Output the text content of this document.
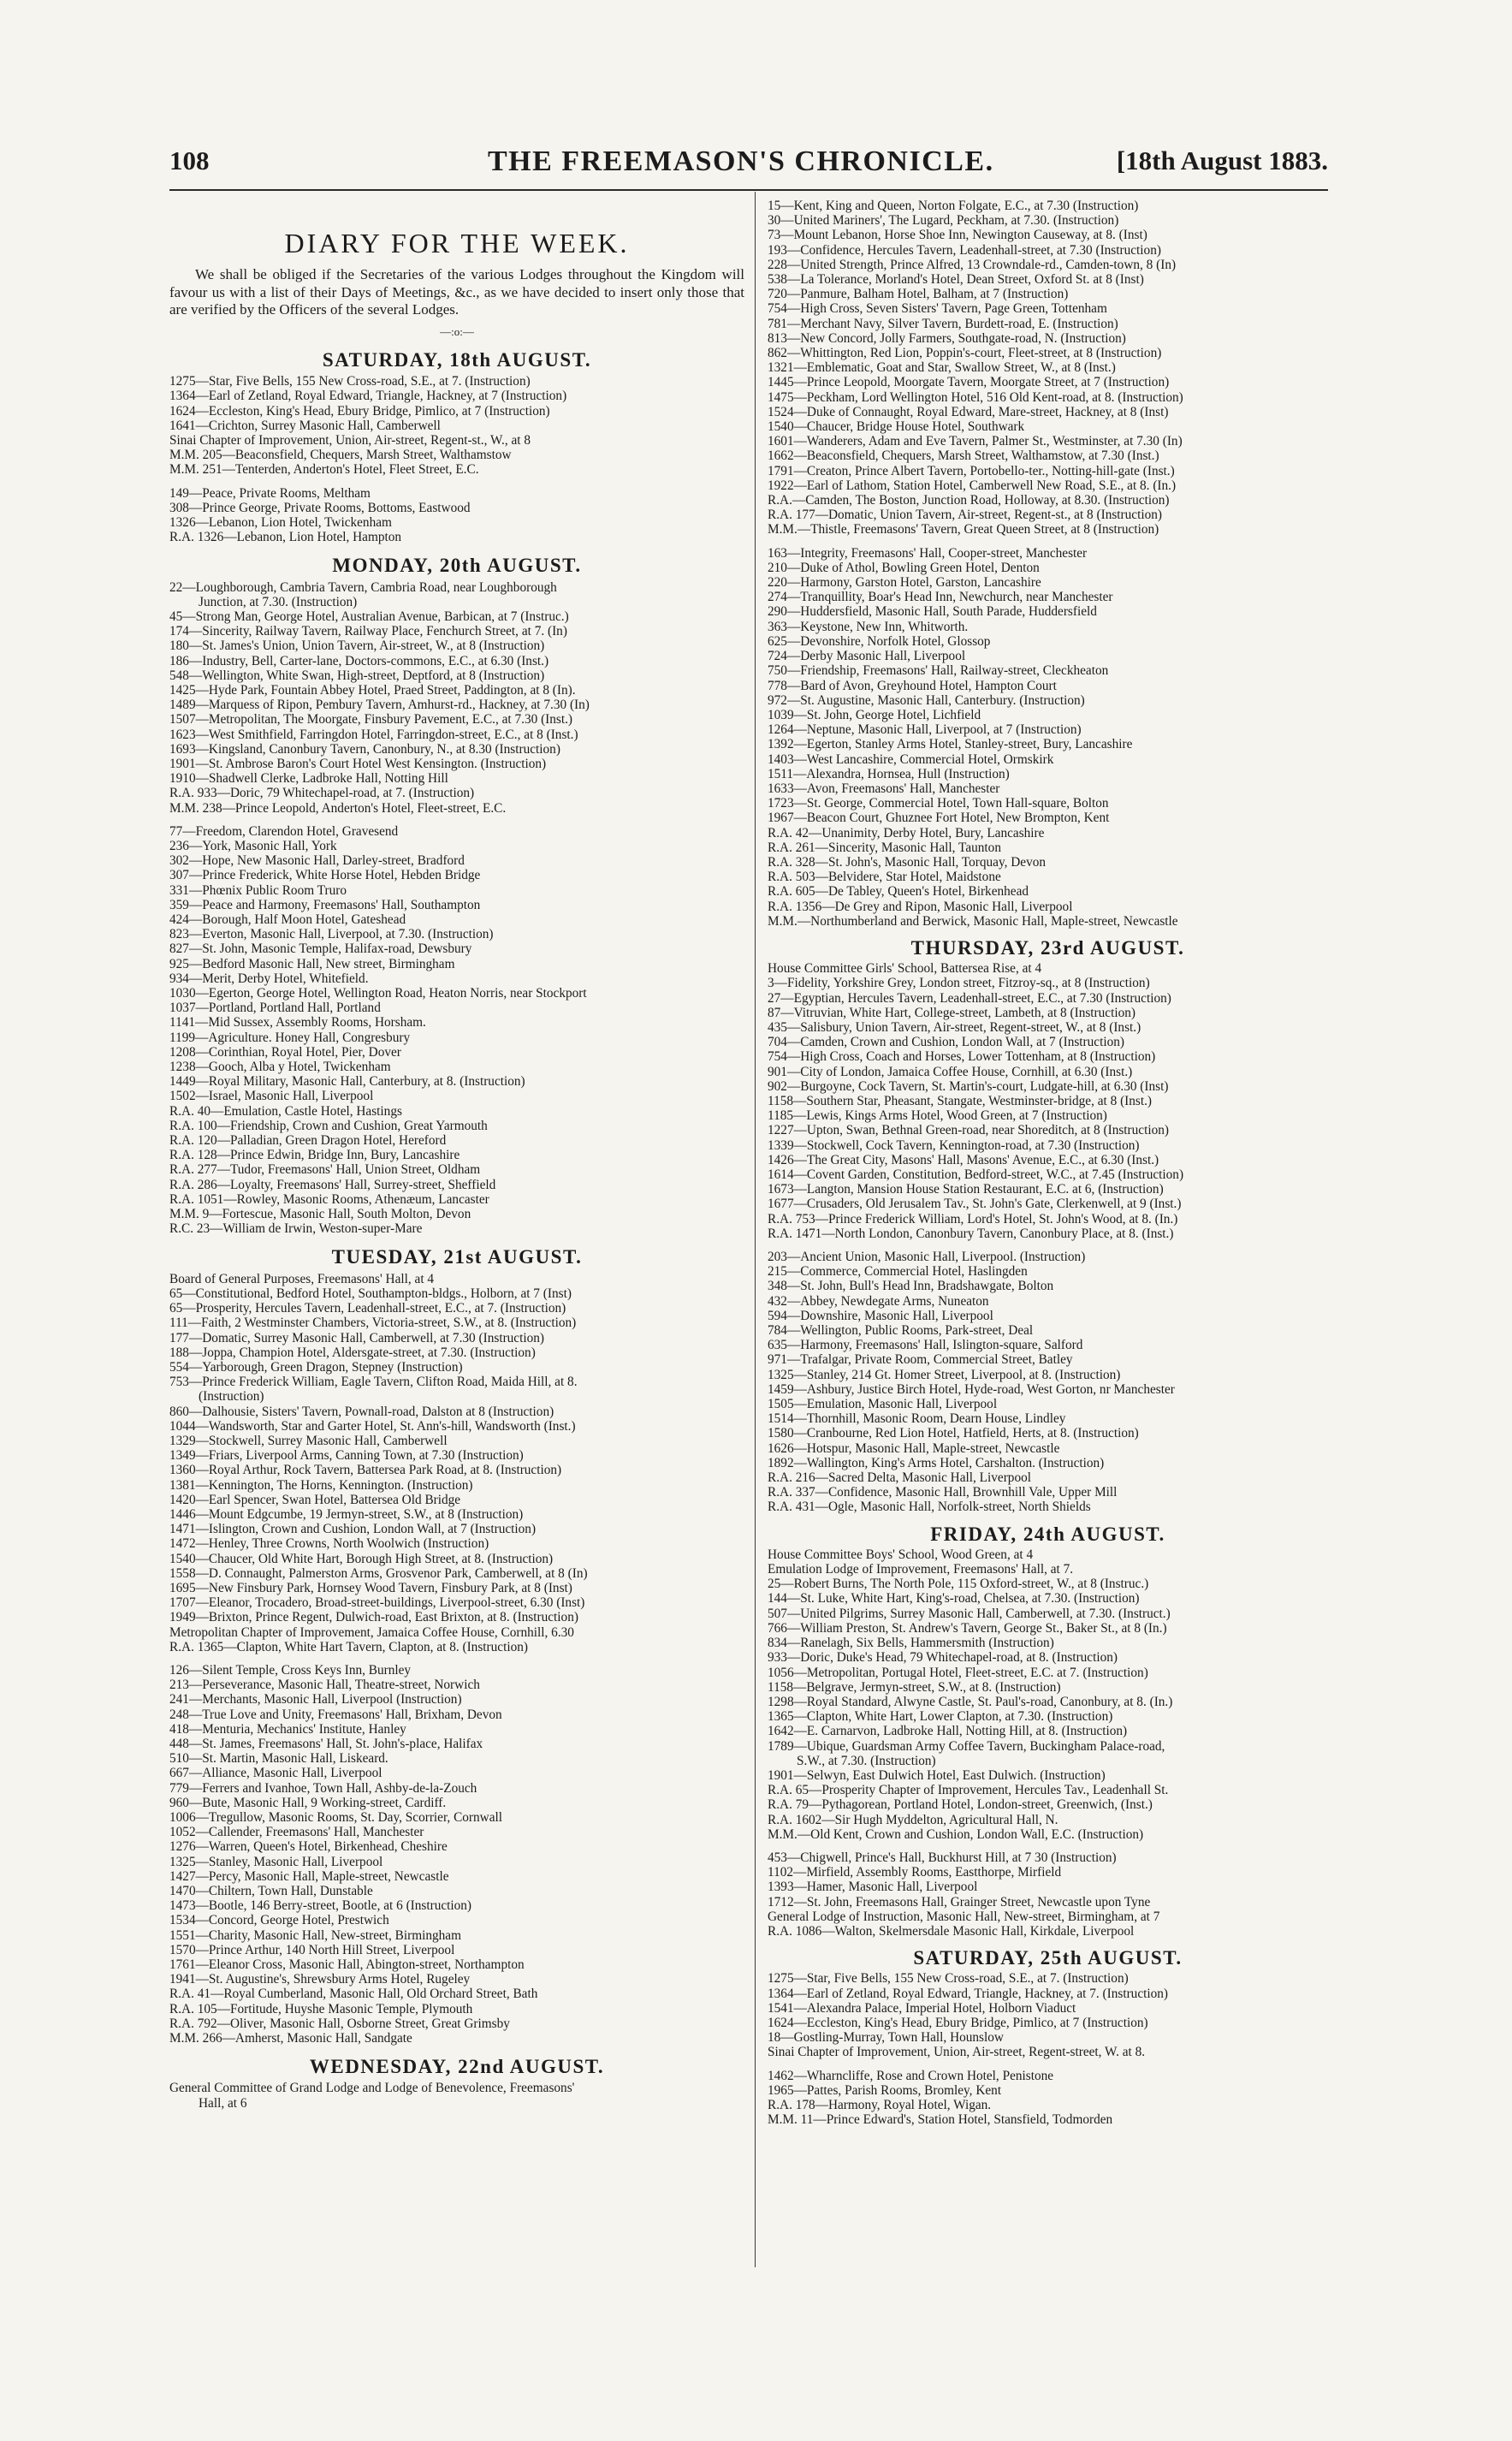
108	THE FREEMASON'S CHRONICLE.	[18th August 1883.
DIARY FOR THE WEEK.

We shall be obliged if the Secretaries of the various Lodges throughout the Kingdom will favour us with a list of their Days of Meetings, &c., as we have decided to insert only those that are verified by the Officers of the several Lodges.

—:o:—
SATURDAY, 18th AUGUST.

1275—Star, Five Bells, 155 New Cross-road, S.E., at 7. (Instruction)

1364—Earl of Zetland, Royal Edward, Triangle, Hackney, at 7 (Instruction)

1624—Eccleston, King's Head, Ebury Bridge, Pimlico, at 7 (Instruction)

1641—Crichton, Surrey Masonic Hall, Camberwell

Sinai Chapter of Improvement, Union, Air-street, Regent-st., W., at 8

M.M. 205—Beaconsfield, Chequers, Marsh Street, Walthamstow

M.M. 251—Tenterden, Anderton's Hotel, Fleet Street, E.C.

149—Peace, Private Rooms, Meltham

308—Prince George, Private Rooms, Bottoms, Eastwood

1326—Lebanon, Lion Hotel, Twickenham

R.A. 1326—Lebanon, Lion Hotel, Hampton

MONDAY, 20th AUGUST.

22—Loughborough, Cambria Tavern, Cambria Road, near Loughborough

Junction, at 7.30. (Instruction)

45—Strong Man, George Hotel, Australian Avenue, Barbican, at 7 (Instruc.)

174—Sincerity, Railway Tavern, Railway Place, Fenchurch Street, at 7. (In)

180—St. James's Union, Union Tavern, Air-street, W., at 8 (Instruction)

186—Industry, Bell, Carter-lane, Doctors-commons, E.C., at 6.30 (Inst.)

548—Wellington, White Swan, High-street, Deptford, at 8 (Instruction)

1425—Hyde Park, Fountain Abbey Hotel, Praed Street, Paddington, at 8 (In).

1489—Marquess of Ripon, Pembury Tavern, Amhurst-rd., Hackney, at 7.30 (In)

1507—Metropolitan, The Moorgate, Finsbury Pavement, E.C., at 7.30 (Inst.)

1623—West Smithfield, Farringdon Hotel, Farringdon-street, E.C., at 8 (Inst.)

1693—Kingsland, Canonbury Tavern, Canonbury, N., at 8.30 (Instruction)

1901—St. Ambrose Baron's Court Hotel West Kensington. (Instruction)

1910—Shadwell Clerke, Ladbroke Hall, Notting Hill

R.A. 933—Doric, 79 Whitechapel-road, at 7. (Instruction)

M.M. 238—Prince Leopold, Anderton's Hotel, Fleet-street, E.C.

77—Freedom, Clarendon Hotel, Gravesend

236—York, Masonic Hall, York

302—Hope, New Masonic Hall, Darley-street, Bradford

307—Prince Frederick, White Horse Hotel, Hebden Bridge

331—Phœnix Public Room Truro

359—Peace and Harmony, Freemasons' Hall, Southampton

424—Borough, Half Moon Hotel, Gateshead

823—Everton, Masonic Hall, Liverpool, at 7.30. (Instruction)

827—St. John, Masonic Temple, Halifax-road, Dewsbury

925—Bedford Masonic Hall, New street, Birmingham

934—Merit, Derby Hotel, Whitefield.

1030—Egerton, George Hotel, Wellington Road, Heaton Norris, near Stockport

1037—Portland, Portland Hall, Portland

1141—Mid Sussex, Assembly Rooms, Horsham.

1199—Agriculture. Honey Hall, Congresbury

1208—Corinthian, Royal Hotel, Pier, Dover

1238—Gooch, Alba y Hotel, Twickenham

1449—Royal Military, Masonic Hall, Canterbury, at 8. (Instruction)

1502—Israel, Masonic Hall, Liverpool

R.A. 40—Emulation, Castle Hotel, Hastings

R.A. 100—Friendship, Crown and Cushion, Great Yarmouth

R.A. 120—Palladian, Green Dragon Hotel, Hereford

R.A. 128—Prince Edwin, Bridge Inn, Bury, Lancashire

R.A. 277—Tudor, Freemasons' Hall, Union Street, Oldham

R.A. 286—Loyalty, Freemasons' Hall, Surrey-street, Sheffield

R.A. 1051—Rowley, Masonic Rooms, Athenæum, Lancaster

M.M. 9—Fortescue, Masonic Hall, South Molton, Devon

R.C. 23—William de Irwin, Weston-super-Mare

TUESDAY, 21st AUGUST.

Board of General Purposes, Freemasons' Hall, at 4

65—Constitutional, Bedford Hotel, Southampton-bldgs., Holborn, at 7 (Inst)

65—Prosperity, Hercules Tavern, Leadenhall-street, E.C., at 7. (Instruction)

111—Faith, 2 Westminster Chambers, Victoria-street, S.W., at 8. (Instruction)

177—Domatic, Surrey Masonic Hall, Camberwell, at 7.30 (Instruction)

188—Joppa, Champion Hotel, Aldersgate-street, at 7.30. (Instruction)

554—Yarborough, Green Dragon, Stepney (Instruction)

753—Prince Frederick William, Eagle Tavern, Clifton Road, Maida Hill, at 8.

(Instruction)

860—Dalhousie, Sisters' Tavern, Pownall-road, Dalston at 8 (Instruction)

1044—Wandsworth, Star and Garter Hotel, St. Ann's-hill, Wandsworth (Inst.)

1329—Stockwell, Surrey Masonic Hall, Camberwell

1349—Friars, Liverpool Arms, Canning Town, at 7.30 (Instruction)

1360—Royal Arthur, Rock Tavern, Battersea Park Road, at 8. (Instruction)

1381—Kennington, The Horns, Kennington. (Instruction)

1420—Earl Spencer, Swan Hotel, Battersea Old Bridge

1446—Mount Edgcumbe, 19 Jermyn-street, S.W., at 8 (Instruction)

1471—Islington, Crown and Cushion, London Wall, at 7 (Instruction)

1472—Henley, Three Crowns, North Woolwich (Instruction)

1540—Chaucer, Old White Hart, Borough High Street, at 8. (Instruction)

1558—D. Connaught, Palmerston Arms, Grosvenor Park, Camberwell, at 8 (In)

1695—New Finsbury Park, Hornsey Wood Tavern, Finsbury Park, at 8 (Inst)

1707—Eleanor, Trocadero, Broad-street-buildings, Liverpool-street, 6.30 (Inst)

1949—Brixton, Prince Regent, Dulwich-road, East Brixton, at 8. (Instruction)

Metropolitan Chapter of Improvement, Jamaica Coffee House, Cornhill, 6.30

R.A. 1365—Clapton, White Hart Tavern, Clapton, at 8. (Instruction)

126—Silent Temple, Cross Keys Inn, Burnley

213—Perseverance, Masonic Hall, Theatre-street, Norwich

241—Merchants, Masonic Hall, Liverpool (Instruction)

248—True Love and Unity, Freemasons' Hall, Brixham, Devon

418—Menturia, Mechanics' Institute, Hanley

448—St. James, Freemasons' Hall, St. John's-place, Halifax

510—St. Martin, Masonic Hall, Liskeard.

667—Alliance, Masonic Hall, Liverpool

779—Ferrers and Ivanhoe, Town Hall, Ashby-de-la-Zouch

960—Bute, Masonic Hall, 9 Working-street, Cardiff.

1006—Tregullow, Masonic Rooms, St. Day, Scorrier, Cornwall

1052—Callender, Freemasons' Hall, Manchester

1276—Warren, Queen's Hotel, Birkenhead, Cheshire

1325—Stanley, Masonic Hall, Liverpool

1427—Percy, Masonic Hall, Maple-street, Newcastle

1470—Chiltern, Town Hall, Dunstable

1473—Bootle, 146 Berry-street, Bootle, at 6 (Instruction)

1534—Concord, George Hotel, Prestwich

1551—Charity, Masonic Hall, New-street, Birmingham

1570—Prince Arthur, 140 North Hill Street, Liverpool

1761—Eleanor Cross, Masonic Hall, Abington-street, Northampton

1941—St. Augustine's, Shrewsbury Arms Hotel, Rugeley

R.A. 41—Royal Cumberland, Masonic Hall, Old Orchard Street, Bath

R.A. 105—Fortitude, Huyshe Masonic Temple, Plymouth

R.A. 792—Oliver, Masonic Hall, Osborne Street, Great Grimsby

M.M. 266—Amherst, Masonic Hall, Sandgate

WEDNESDAY, 22nd AUGUST.

General Committee of Grand Lodge and Lodge of Benevolence, Freemasons'

Hall, at 6

15—Kent, King and Queen, Norton Folgate, E.C., at 7.30 (Instruction)

30—United Mariners', The Lugard, Peckham, at 7.30. (Instruction)

73—Mount Lebanon, Horse Shoe Inn, Newington Causeway, at 8. (Inst)

193—Confidence, Hercules Tavern, Leadenhall-street, at 7.30 (Instruction)

228—United Strength, Prince Alfred, 13 Crowndale-rd., Camden-town, 8 (In)

538—La Tolerance, Morland's Hotel, Dean Street, Oxford St. at 8 (Inst)

720—Panmure, Balham Hotel, Balham, at 7 (Instruction)

754—High Cross, Seven Sisters' Tavern, Page Green, Tottenham

781—Merchant Navy, Silver Tavern, Burdett-road, E. (Instruction)

813—New Concord, Jolly Farmers, Southgate-road, N. (Instruction)

862—Whittington, Red Lion, Poppin's-court, Fleet-street, at 8 (Instruction)

1321—Emblematic, Goat and Star, Swallow Street, W., at 8 (Inst.)

1445—Prince Leopold, Moorgate Tavern, Moorgate Street, at 7 (Instruction)

1475—Peckham, Lord Wellington Hotel, 516 Old Kent-road, at 8. (Instruction)

1524—Duke of Connaught, Royal Edward, Mare-street, Hackney, at 8 (Inst)

1540—Chaucer, Bridge House Hotel, Southwark

1601—Wanderers, Adam and Eve Tavern, Palmer St., Westminster, at 7.30 (In)

1662—Beaconsfield, Chequers, Marsh Street, Walthamstow, at 7.30 (Inst.)

1791—Creaton, Prince Albert Tavern, Portobello-ter., Notting-hill-gate (Inst.)

1922—Earl of Lathom, Station Hotel, Camberwell New Road, S.E., at 8. (In.)

R.A.—Camden, The Boston, Junction Road, Holloway, at 8.30. (Instruction)

R.A. 177—Domatic, Union Tavern, Air-street, Regent-st., at 8 (Instruction)

M.M.—Thistle, Freemasons' Tavern, Great Queen Street, at 8 (Instruction)

163—Integrity, Freemasons' Hall, Cooper-street, Manchester

210—Duke of Athol, Bowling Green Hotel, Denton

220—Harmony, Garston Hotel, Garston, Lancashire

274—Tranquillity, Boar's Head Inn, Newchurch, near Manchester

290—Huddersfield, Masonic Hall, South Parade, Huddersfield

363—Keystone, New Inn, Whitworth.

625—Devonshire, Norfolk Hotel, Glossop

724—Derby Masonic Hall, Liverpool

750—Friendship, Freemasons' Hall, Railway-street, Cleckheaton

778—Bard of Avon, Greyhound Hotel, Hampton Court

972—St. Augustine, Masonic Hall, Canterbury. (Instruction)

1039—St. John, George Hotel, Lichfield

1264—Neptune, Masonic Hall, Liverpool, at 7 (Instruction)

1392—Egerton, Stanley Arms Hotel, Stanley-street, Bury, Lancashire

1403—West Lancashire, Commercial Hotel, Ormskirk

1511—Alexandra, Hornsea, Hull (Instruction)

1633—Avon, Freemasons' Hall, Manchester

1723—St. George, Commercial Hotel, Town Hall-square, Bolton

1967—Beacon Court, Ghuznee Fort Hotel, New Brompton, Kent

R.A. 42—Unanimity, Derby Hotel, Bury, Lancashire

R.A. 261—Sincerity, Masonic Hall, Taunton

R.A. 328—St. John's, Masonic Hall, Torquay, Devon

R.A. 503—Belvidere, Star Hotel, Maidstone

R.A. 605—De Tabley, Queen's Hotel, Birkenhead

R.A. 1356—De Grey and Ripon, Masonic Hall, Liverpool

M.M.—Northumberland and Berwick, Masonic Hall, Maple-street, Newcastle

THURSDAY, 23rd AUGUST.

House Committee Girls' School, Battersea Rise, at 4

3—Fidelity, Yorkshire Grey, London street, Fitzroy-sq., at 8 (Instruction)

27—Egyptian, Hercules Tavern, Leadenhall-street, E.C., at 7.30 (Instruction)

87—Vitruvian, White Hart, College-street, Lambeth, at 8 (Instruction)

435—Salisbury, Union Tavern, Air-street, Regent-street, W., at 8 (Inst.)

704—Camden, Crown and Cushion, London Wall, at 7 (Instruction)

754—High Cross, Coach and Horses, Lower Tottenham, at 8 (Instruction)

901—City of London, Jamaica Coffee House, Cornhill, at 6.30 (Inst.)

902—Burgoyne, Cock Tavern, St. Martin's-court, Ludgate-hill, at 6.30 (Inst)

1158—Southern Star, Pheasant, Stangate, Westminster-bridge, at 8 (Inst.)

1185—Lewis, Kings Arms Hotel, Wood Green, at 7 (Instruction)

1227—Upton, Swan, Bethnal Green-road, near Shoreditch, at 8 (Instruction)

1339—Stockwell, Cock Tavern, Kennington-road, at 7.30 (Instruction)

1426—The Great City, Masons' Hall, Masons' Avenue, E.C., at 6.30 (Inst.)

1614—Covent Garden, Constitution, Bedford-street, W.C., at 7.45 (Instruction)

1673—Langton, Mansion House Station Restaurant, E.C. at 6, (Instruction)

1677—Crusaders, Old Jerusalem Tav., St. John's Gate, Clerkenwell, at 9 (Inst.)

R.A. 753—Prince Frederick William, Lord's Hotel, St. John's Wood, at 8. (In.)

R.A. 1471—North London, Canonbury Tavern, Canonbury Place, at 8. (Inst.)

203—Ancient Union, Masonic Hall, Liverpool. (Instruction)

215—Commerce, Commercial Hotel, Haslingden

348—St. John, Bull's Head Inn, Bradshawgate, Bolton

432—Abbey, Newdegate Arms, Nuneaton

594—Downshire, Masonic Hall, Liverpool

784—Wellington, Public Rooms, Park-street, Deal

635—Harmony, Freemasons' Hall, Islington-square, Salford

971—Trafalgar, Private Room, Commercial Street, Batley

1325—Stanley, 214 Gt. Homer Street, Liverpool, at 8. (Instruction)

1459—Ashbury, Justice Birch Hotel, Hyde-road, West Gorton, nr Manchester

1505—Emulation, Masonic Hall, Liverpool

1514—Thornhill, Masonic Room, Dearn House, Lindley

1580—Cranbourne, Red Lion Hotel, Hatfield, Herts, at 8. (Instruction)

1626—Hotspur, Masonic Hall, Maple-street, Newcastle

1892—Wallington, King's Arms Hotel, Carshalton. (Instruction)

R.A. 216—Sacred Delta, Masonic Hall, Liverpool

R.A. 337—Confidence, Masonic Hall, Brownhill Vale, Upper Mill

R.A. 431—Ogle, Masonic Hall, Norfolk-street, North Shields

FRIDAY, 24th AUGUST.

House Committee Boys' School, Wood Green, at 4

Emulation Lodge of Improvement, Freemasons' Hall, at 7.

25—Robert Burns, The North Pole, 115 Oxford-street, W., at 8 (Instruc.)

144—St. Luke, White Hart, King's-road, Chelsea, at 7.30. (Instruction)

507—United Pilgrims, Surrey Masonic Hall, Camberwell, at 7.30. (Instruct.)

766—William Preston, St. Andrew's Tavern, George St., Baker St., at 8 (In.)

834—Ranelagh, Six Bells, Hammersmith (Instruction)

933—Doric, Duke's Head, 79 Whitechapel-road, at 8. (Instruction)

1056—Metropolitan, Portugal Hotel, Fleet-street, E.C. at 7. (Instruction)

1158—Belgrave, Jermyn-street, S.W., at 8. (Instruction)

1298—Royal Standard, Alwyne Castle, St. Paul's-road, Canonbury, at 8. (In.)

1365—Clapton, White Hart, Lower Clapton, at 7.30. (Instruction)

1642—E. Carnarvon, Ladbroke Hall, Notting Hill, at 8. (Instruction)

1789—Ubique, Guardsman Army Coffee Tavern, Buckingham Palace-road,

S.W., at 7.30. (Instruction)

1901—Selwyn, East Dulwich Hotel, East Dulwich. (Instruction)

R.A. 65—Prosperity Chapter of Improvement, Hercules Tav., Leadenhall St.

R.A. 79—Pythagorean, Portland Hotel, London-street, Greenwich, (Inst.)

R.A. 1602—Sir Hugh Myddelton, Agricultural Hall, N.

M.M.—Old Kent, Crown and Cushion, London Wall, E.C. (Instruction)

453—Chigwell, Prince's Hall, Buckhurst Hill, at 7 30 (Instruction)

1102—Mirfield, Assembly Rooms, Eastthorpe, Mirfield

1393—Hamer, Masonic Hall, Liverpool

1712—St. John, Freemasons Hall, Grainger Street, Newcastle upon Tyne

General Lodge of Instruction, Masonic Hall, New-street, Birmingham, at 7

R.A. 1086—Walton, Skelmersdale Masonic Hall, Kirkdale, Liverpool

SATURDAY, 25th AUGUST.

1275—Star, Five Bells, 155 New Cross-road, S.E., at 7. (Instruction)

1364—Earl of Zetland, Royal Edward, Triangle, Hackney, at 7. (Instruction)

1541—Alexandra Palace, Imperial Hotel, Holborn Viaduct

1624—Eccleston, King's Head, Ebury Bridge, Pimlico, at 7 (Instruction)

18—Gostling-Murray, Town Hall, Hounslow

Sinai Chapter of Improvement, Union, Air-street, Regent-street, W. at 8.

1462—Wharncliffe, Rose and Crown Hotel, Penistone

1965—Pattes, Parish Rooms, Bromley, Kent

R.A. 178—Harmony, Royal Hotel, Wigan.

M.M. 11—Prince Edward's, Station Hotel, Stansfield, Todmorden
